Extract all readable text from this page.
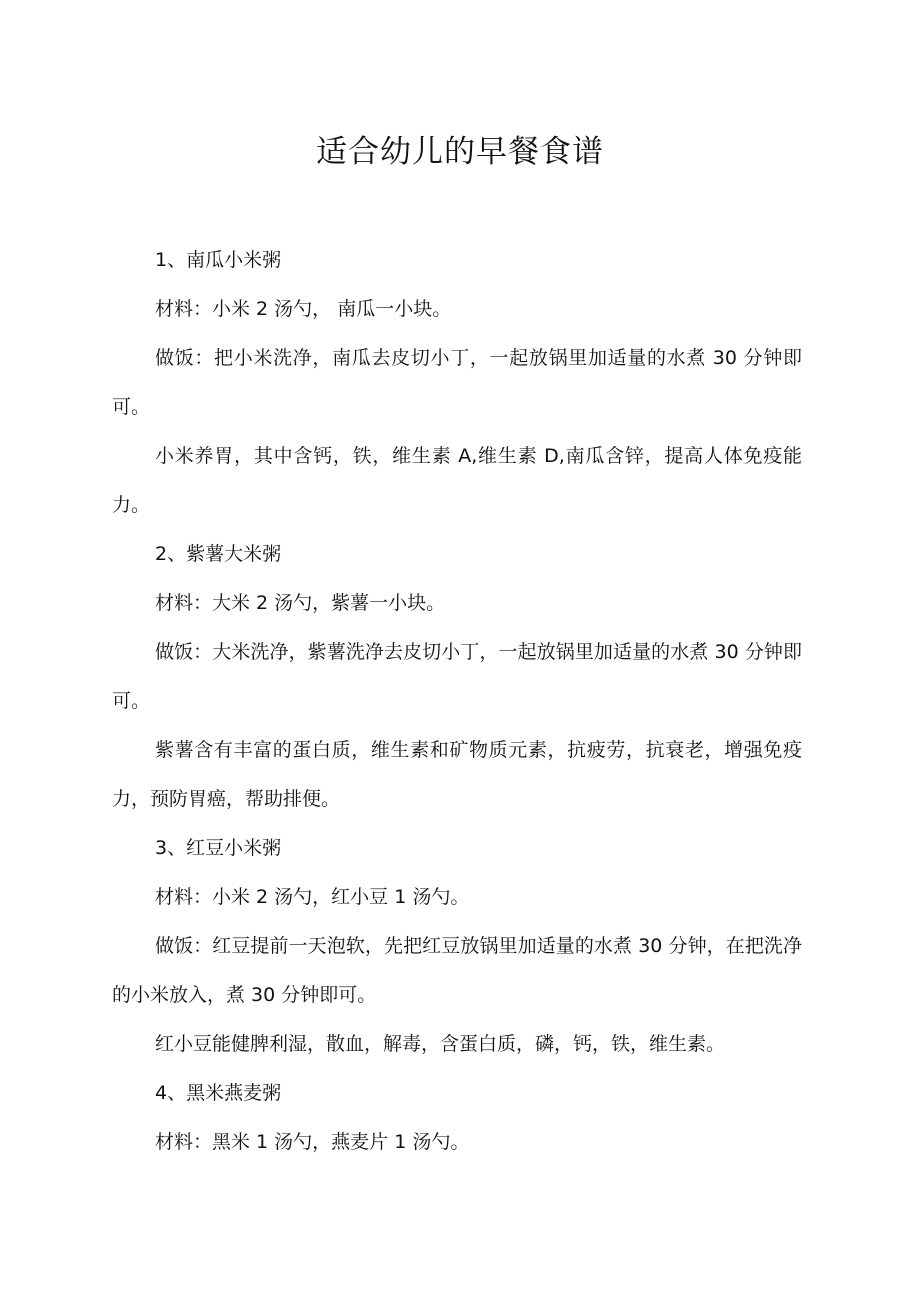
适合幼儿的早餐食谱

1、南瓜小米粥

材料：小米 2 汤勺， 南瓜一小块。

做饭：把小米洗净，南瓜去皮切小丁，一起放锅里加适量的水煮 30 分钟即可。

小米养胃，其中含钙，铁，维生素 A,维生素 D,南瓜含锌，提高人体免疫能力。

2、紫薯大米粥

材料：大米 2 汤勺，紫薯一小块。

做饭：大米洗净，紫薯洗净去皮切小丁，一起放锅里加适量的水煮 30 分钟即可。

紫薯含有丰富的蛋白质，维生素和矿物质元素，抗疲劳，抗衰老，增强免疫力，预防胃癌，帮助排便。

3、红豆小米粥

材料：小米 2 汤勺，红小豆 1 汤勺。

做饭：红豆提前一天泡软，先把红豆放锅里加适量的水煮 30 分钟，在把洗净的小米放入，煮 30 分钟即可。

红小豆能健脾利湿，散血，解毒，含蛋白质，磷，钙，铁，维生素。

4、黑米燕麦粥

材料：黑米 1 汤勺，燕麦片 1 汤勺。
